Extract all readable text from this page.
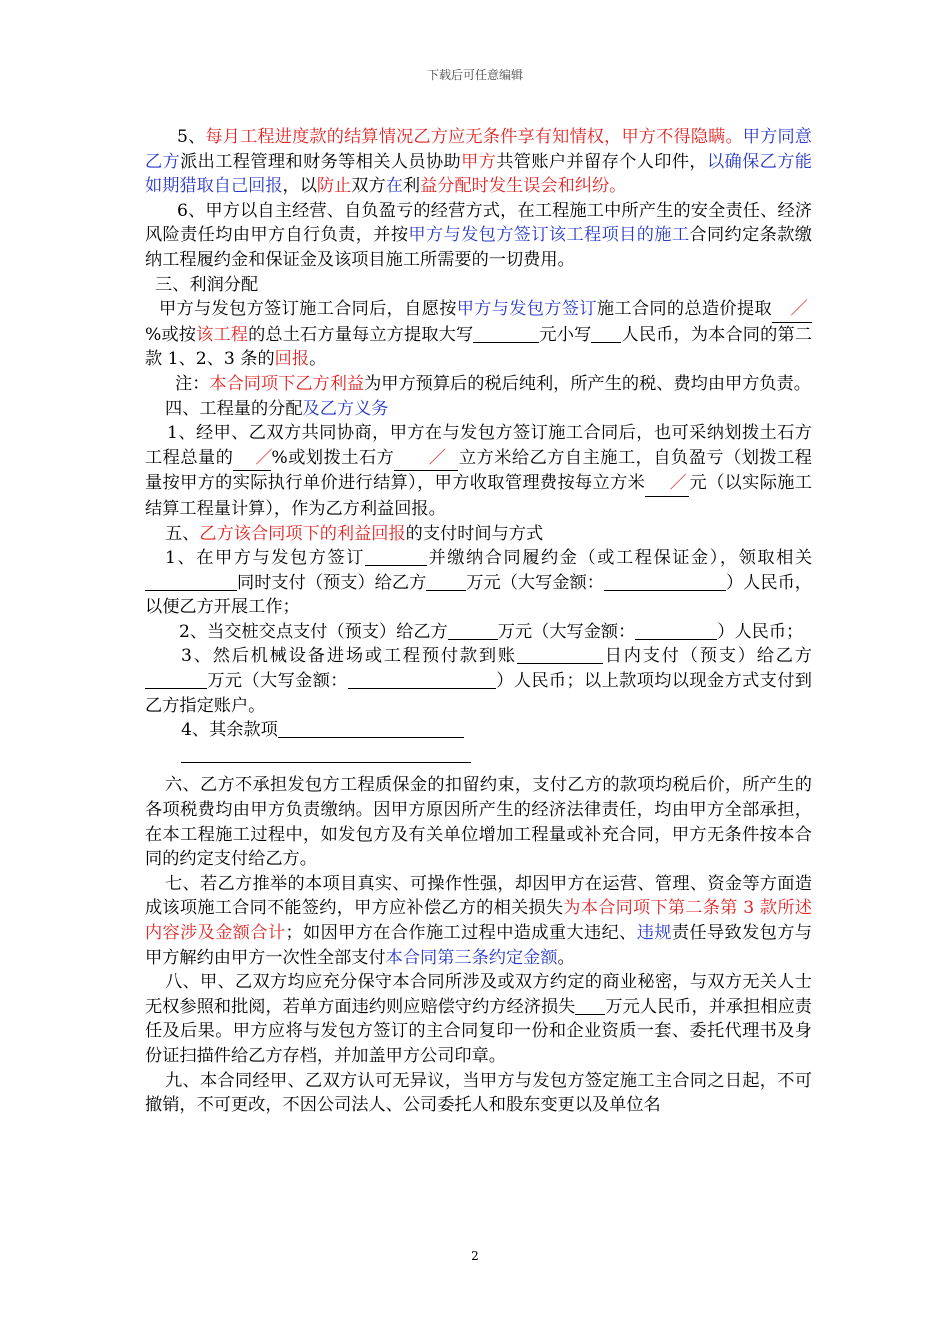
下载后可任意编辑

5、每月工程进度款的结算情况乙方应无条件享有知情权，甲方不得隐瞒。甲方同意乙方派出工程管理和财务等相关人员协助甲方共管账户并留存个人印件，以确保乙方能如期猎取自己回报，以防止双方在利益分配时发生误会和纠纷。

6、甲方以自主经营、自负盈亏的经营方式，在工程施工中所产生的安全责任、经济风险责任均由甲方自行负责，并按甲方与发包方签订该工程项目的施工合同约定条款缴纳工程履约金和保证金及该项目施工所需要的一切费用。

三、利润分配

甲方与发包方签订施工合同后，自愿按甲方与发包方签订施工合同的总造价提取 ／%或按该工程的总土石方量每立方提取大写	元小写 人民币，为本合同的第二款 1、2、3 条的回报。

注：本合同项下乙方利益为甲方预算后的税后纯利，所产生的税、费均由甲方负责。

四、工程量的分配及乙方义务

1、经甲、乙双方共同协商，甲方在与发包方签订施工合同后，也可采纳划拨土石方工程总量的 ／%或划拨土石方 ／ 立方米给乙方自主施工，自负盈亏（划拨工程量按甲方的实际执行单价进行结算），甲方收取管理费按每立方米 ／ 元（以实际施工结算工程量计算），作为乙方利益回报。

五、乙方该合同项下的利益回报的支付时间与方式

1、在甲方与发包方签订	并缴纳合同履约金（或工程保证金），领取相关同时支付（预支）给乙方 万元（大写金额：	）人民币，以便乙方开展工作；

2、当交桩交点支付（预支）给乙方	万元（大写金额：	）人民币；

3、然后机械设备进场或工程预付款到账	日内支付（预支）给乙方万元（大写金额：	）人民币；以上款项均以现金方式支付到乙方指定账户。

4、其余款项

六、乙方不承担发包方工程质保金的扣留约束，支付乙方的款项均税后价，所产生的各项税费均由甲方负责缴纳。因甲方原因所产生的经济法律责任，均由甲方全部承担，在本工程施工过程中，如发包方及有关单位增加工程量或补充合同，甲方无条件按本合同的约定支付给乙方。

七、若乙方推举的本项目真实、可操作性强，却因甲方在运营、管理、资金等方面造成该项施工合同不能签约，甲方应补偿乙方的相关损失为本合同项下第二条第 3 款所述内容涉及金额合计；如因甲方在合作施工过程中造成重大违纪、违规责任导致发包方与甲方解约由甲方一次性全部支付本合同第三条约定金额。

八、甲、乙双方均应充分保守本合同所涉及或双方约定的商业秘密，与双方无关人士无权参照和批阅，若单方面违约则应赔偿守约方经济损失 万元人民币，并承担相应责任及后果。甲方应将与发包方签订的主合同复印一份和企业资质一套、委托代理书及身份证扫描件给乙方存档，并加盖甲方公司印章。

九、本合同经甲、乙双方认可无异议，当甲方与发包方签定施工主合同之日起，不可撤销，不可更改，不因公司法人、公司委托人和股东变更以及单位名

2
